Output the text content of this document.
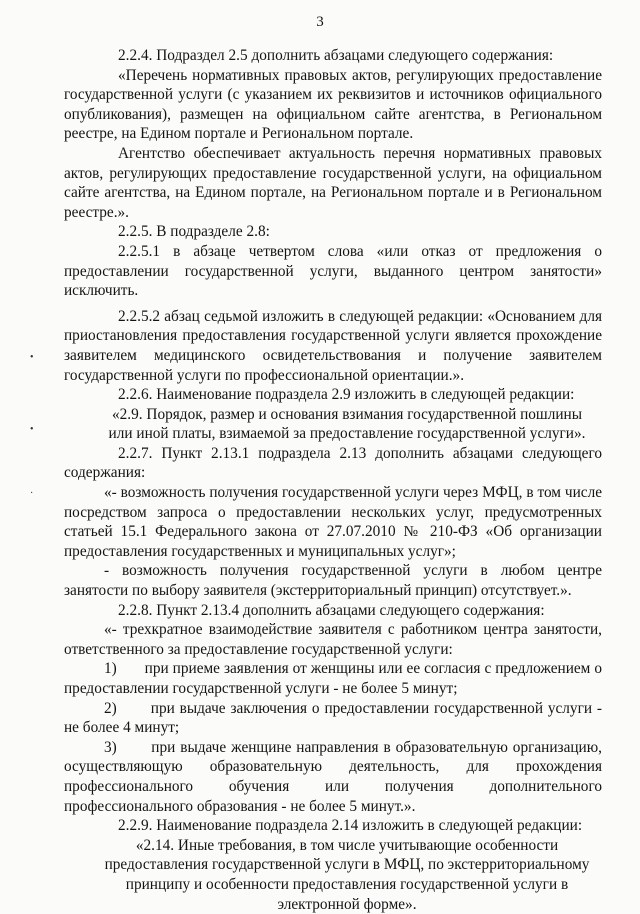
3
•
•
·

2.2.4. Подраздел 2.5 дополнить абзацами следующего содержания:

«Перечень нормативных правовых актов, регулирующих предоставление государственной услуги (с указанием их реквизитов и источников официального опубликования), размещен на официальном сайте агентства, в Региональном реестре, на Едином портале и Региональном портале.

Агентство обеспечивает актуальность перечня нормативных правовых актов, регулирующих предоставление государственной услуги, на официальном сайте агентства, на Едином портале, на Региональном портале и в Региональном реестре.».

2.2.5. В подразделе 2.8:

2.2.5.1 в абзаце четвертом слова «или отказ от предложения о предоставлении государственной услуги, выданного центром занятости» исключить.

2.2.5.2 абзац седьмой изложить в следующей редакции: «Основанием для приостановления предоставления государственной услуги является прохождение заявителем медицинского освидетельствования и получение заявителем государственной услуги по профессиональной ориентации.».

2.2.6. Наименование подраздела 2.9 изложить в следующей редакции:

«2.9. Порядок, размер и основания взимания государственной пошлины или иной платы, взимаемой за предоставление государственной услуги».

2.2.7. Пункт 2.13.1 подраздела 2.13 дополнить абзацами следующего содержания:

«- возможность получения государственной услуги через МФЦ, в том числе посредством запроса о предоставлении нескольких услуг, предусмотренных статьей 15.1 Федерального закона от 27.07.2010 № 210-ФЗ «Об организации предоставления государственных и муниципальных услуг»;

- возможность получения государственной услуги в любом центре занятости по выбору заявителя (экстерриториальный принцип) отсутствует.».

2.2.8. Пункт 2.13.4 дополнить абзацами следующего содержания:

«- трехкратное взаимодействие заявителя с работником центра занятости, ответственного за предоставление государственной услуги:

1) при приеме заявления от женщины или ее согласия с предложением о предоставлении государственной услуги - не более 5 минут;

2) при выдаче заключения о предоставлении государственной услуги - не более 4 минут;

3) при выдаче женщине направления в образовательную организацию, осуществляющую образовательную деятельность, для прохождения профессионального обучения или получения дополнительного профессионального образования - не более 5 минут.».

2.2.9. Наименование подраздела 2.14 изложить в следующей редакции:

«2.14. Иные требования, в том числе учитывающие особенности предоставления государственной услуги в МФЦ, по экстерриториальному принципу и особенности предоставления государственной услуги в электронной форме».
